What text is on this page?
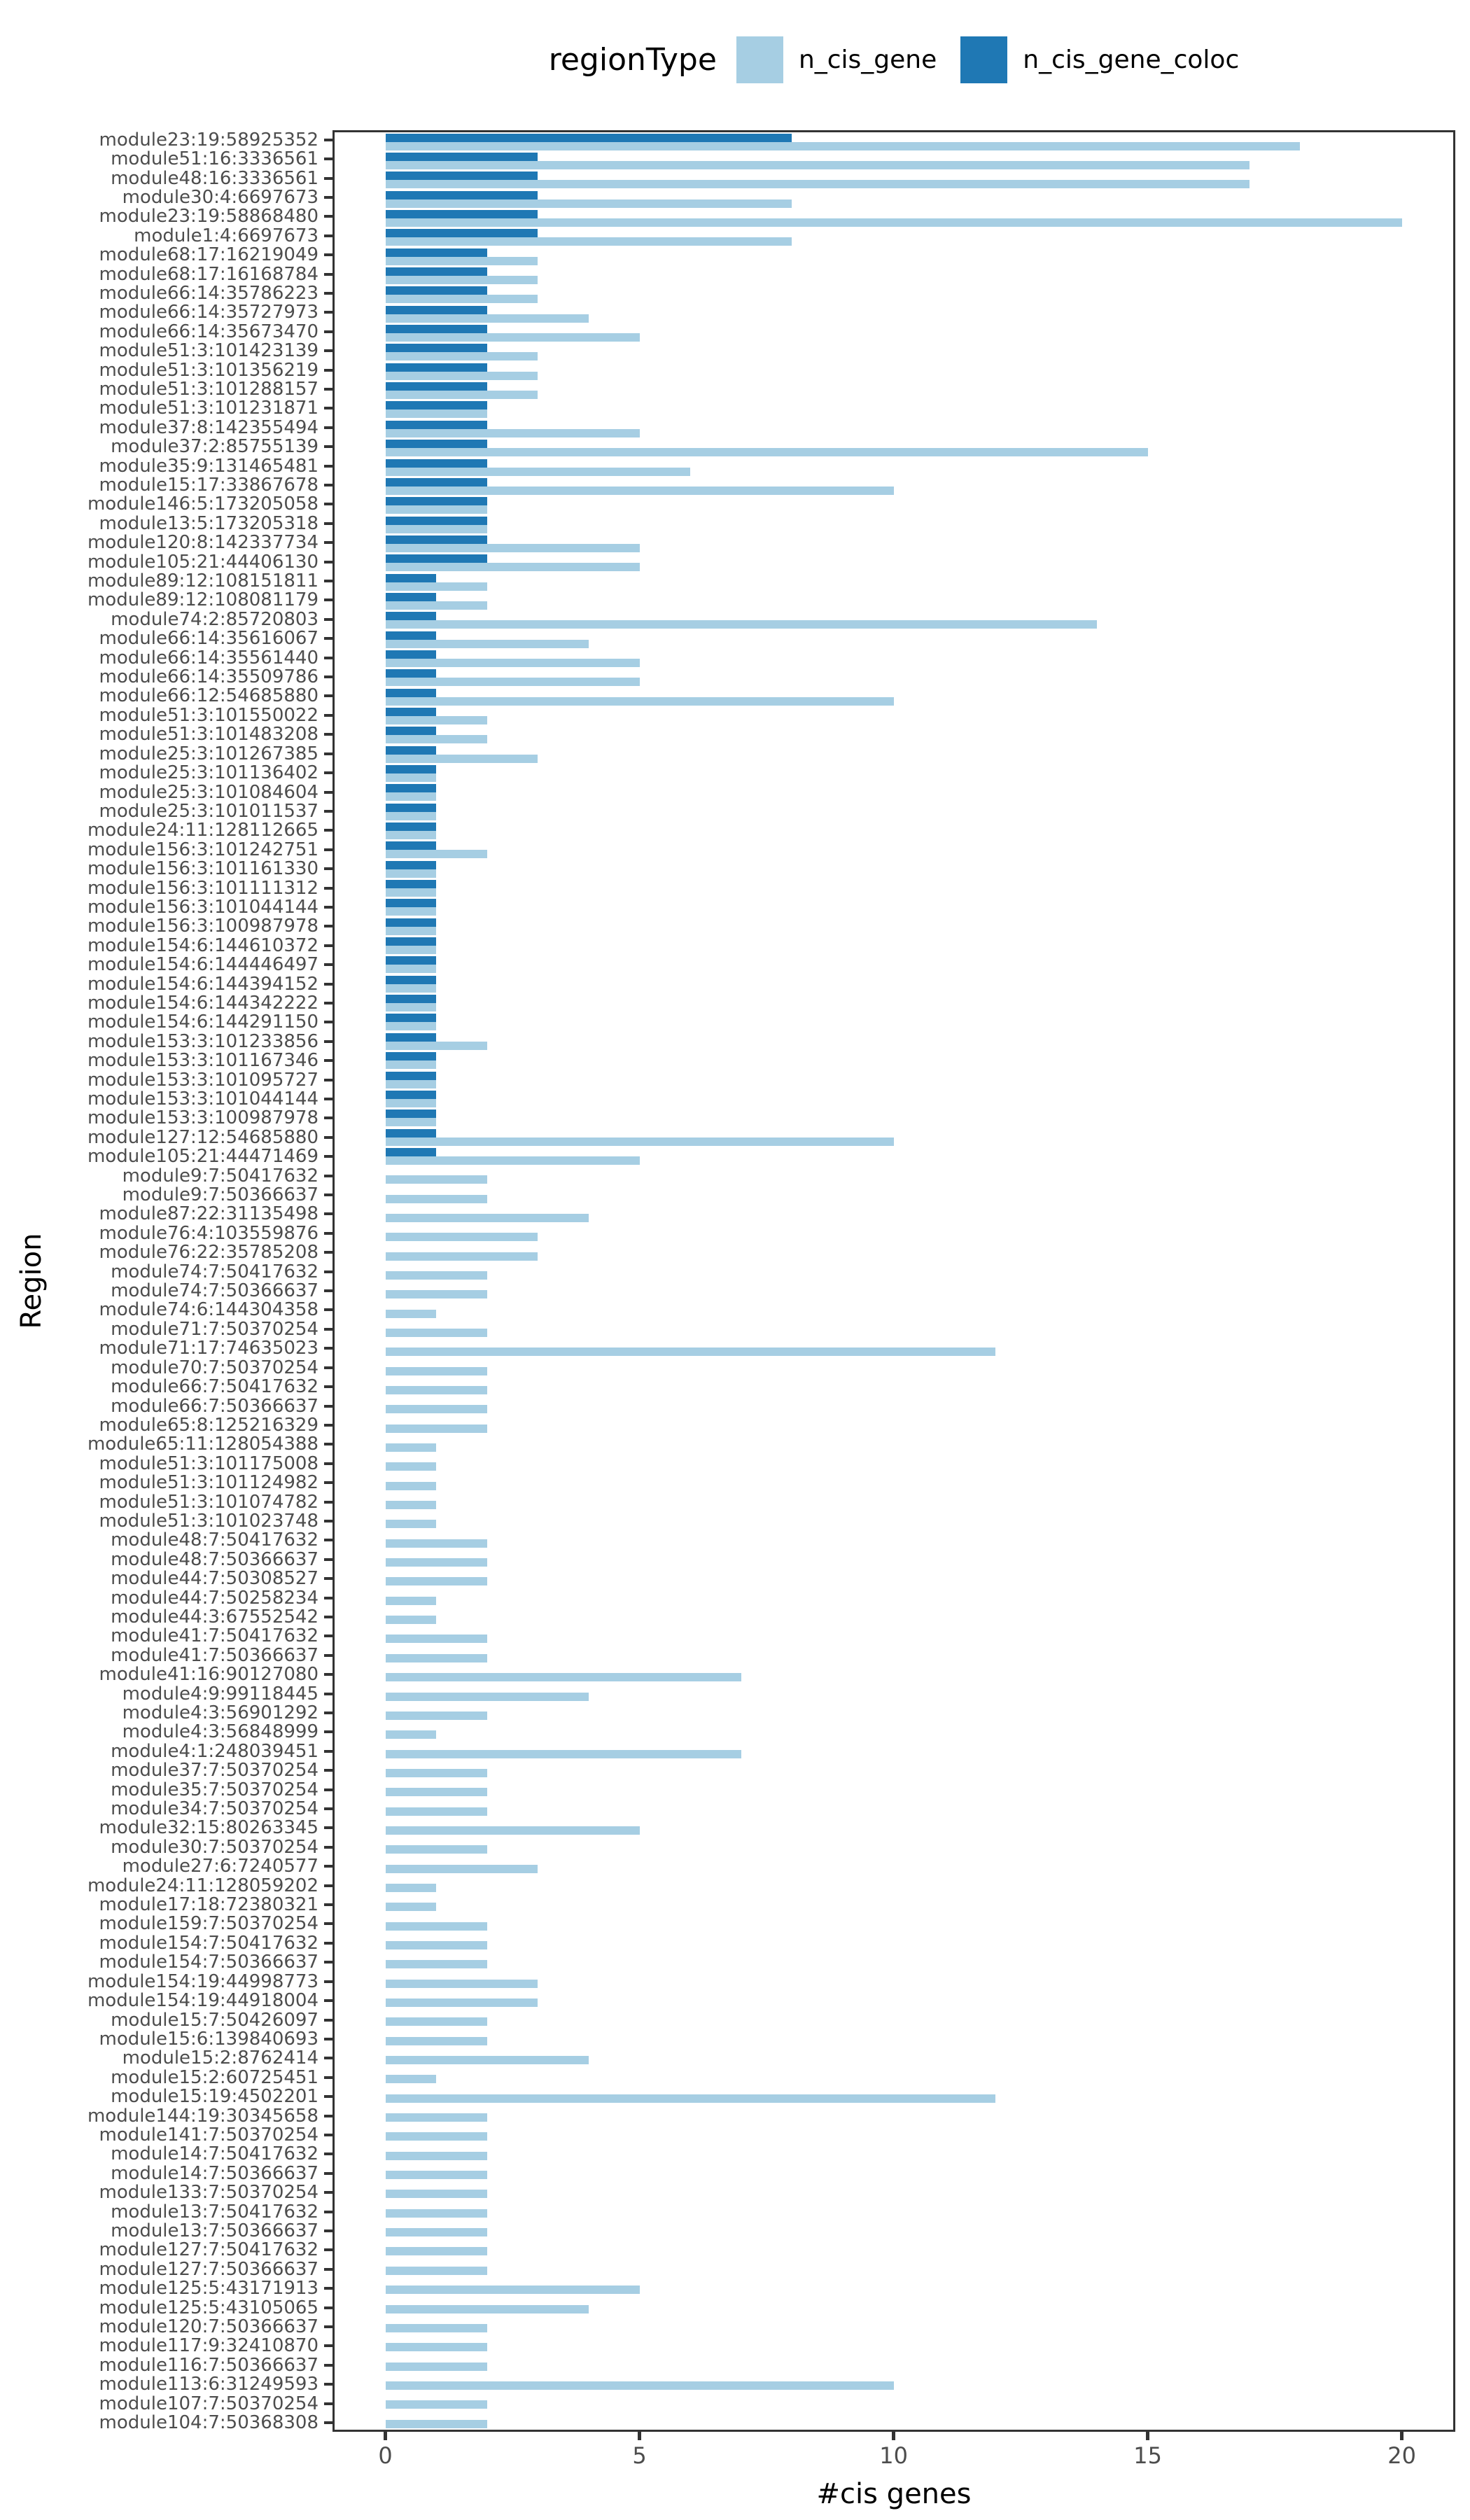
regionType	n_cis_gene	n_cis_gene_coloc
Region
module23:19:58925352
module51:16:3336561
module48:16:3336561
module30:4:6697673
module23:19:58868480
module1:4:6697673
module68:17:16219049
module68:17:16168784
module66:14:35786223
module66:14:35727973
module66:14:35673470
module51:3:101423139
module51:3:101356219
module51:3:101288157
module51:3:101231871
module37:8:142355494
module37:2:85755139
module35:9:131465481
module15:17:33867678
module146:5:173205058
module13:5:173205318
module120:8:142337734
module105:21:44406130
module89:12:108151811
module89:12:108081179
module74:2:85720803
module66:14:35616067
module66:14:35561440
module66:14:35509786
module66:12:54685880
module51:3:101550022
module51:3:101483208
module25:3:101267385
module25:3:101136402
module25:3:101084604
module25:3:101011537
module24:11:128112665
module156:3:101242751
module156:3:101161330
module156:3:101111312
module156:3:101044144
module156:3:100987978
module154:6:144610372
module154:6:144446497
module154:6:144394152
module154:6:144342222
module154:6:144291150
module153:3:101233856
module153:3:101167346
module153:3:101095727
module153:3:101044144
module153:3:100987978
module127:12:54685880
module105:21:44471469
module9:7:50417632
module9:7:50366637
module87:22:31135498
module76:4:103559876
module76:22:35785208
module74:7:50417632
module74:7:50366637
module74:6:144304358
module71:7:50370254
module71:17:74635023
module70:7:50370254
module66:7:50417632
module66:7:50366637
module65:8:125216329
module65:11:128054388
module51:3:101175008
module51:3:101124982
module51:3:101074782
module51:3:101023748
module48:7:50417632
module48:7:50366637
module44:7:50308527
module44:7:50258234
module44:3:67552542
module41:7:50417632
module41:7:50366637
module41:16:90127080
module4:9:99118445
module4:3:56901292
module4:3:56848999
module4:1:248039451
module37:7:50370254
module35:7:50370254
module34:7:50370254
module32:15:80263345
module30:7:50370254
module27:6:7240577
module24:11:128059202
module17:18:72380321
module159:7:50370254
module154:7:50417632
module154:7:50366637
module154:19:44998773
module154:19:44918004
module15:7:50426097
module15:6:139840693
module15:2:8762414
module15:2:60725451
module15:19:4502201
module144:19:30345658
module141:7:50370254
module14:7:50417632
module14:7:50366637
module133:7:50370254
module13:7:50417632
module13:7:50366637
module127:7:50417632
module127:7:50366637
module125:5:43171913
module125:5:43105065
module120:7:50366637
module117:9:32410870
module116:7:50366637
module113:6:31249593
module107:7:50370254
module104:7:50368308
0	5	10	15	20
#cis genes
